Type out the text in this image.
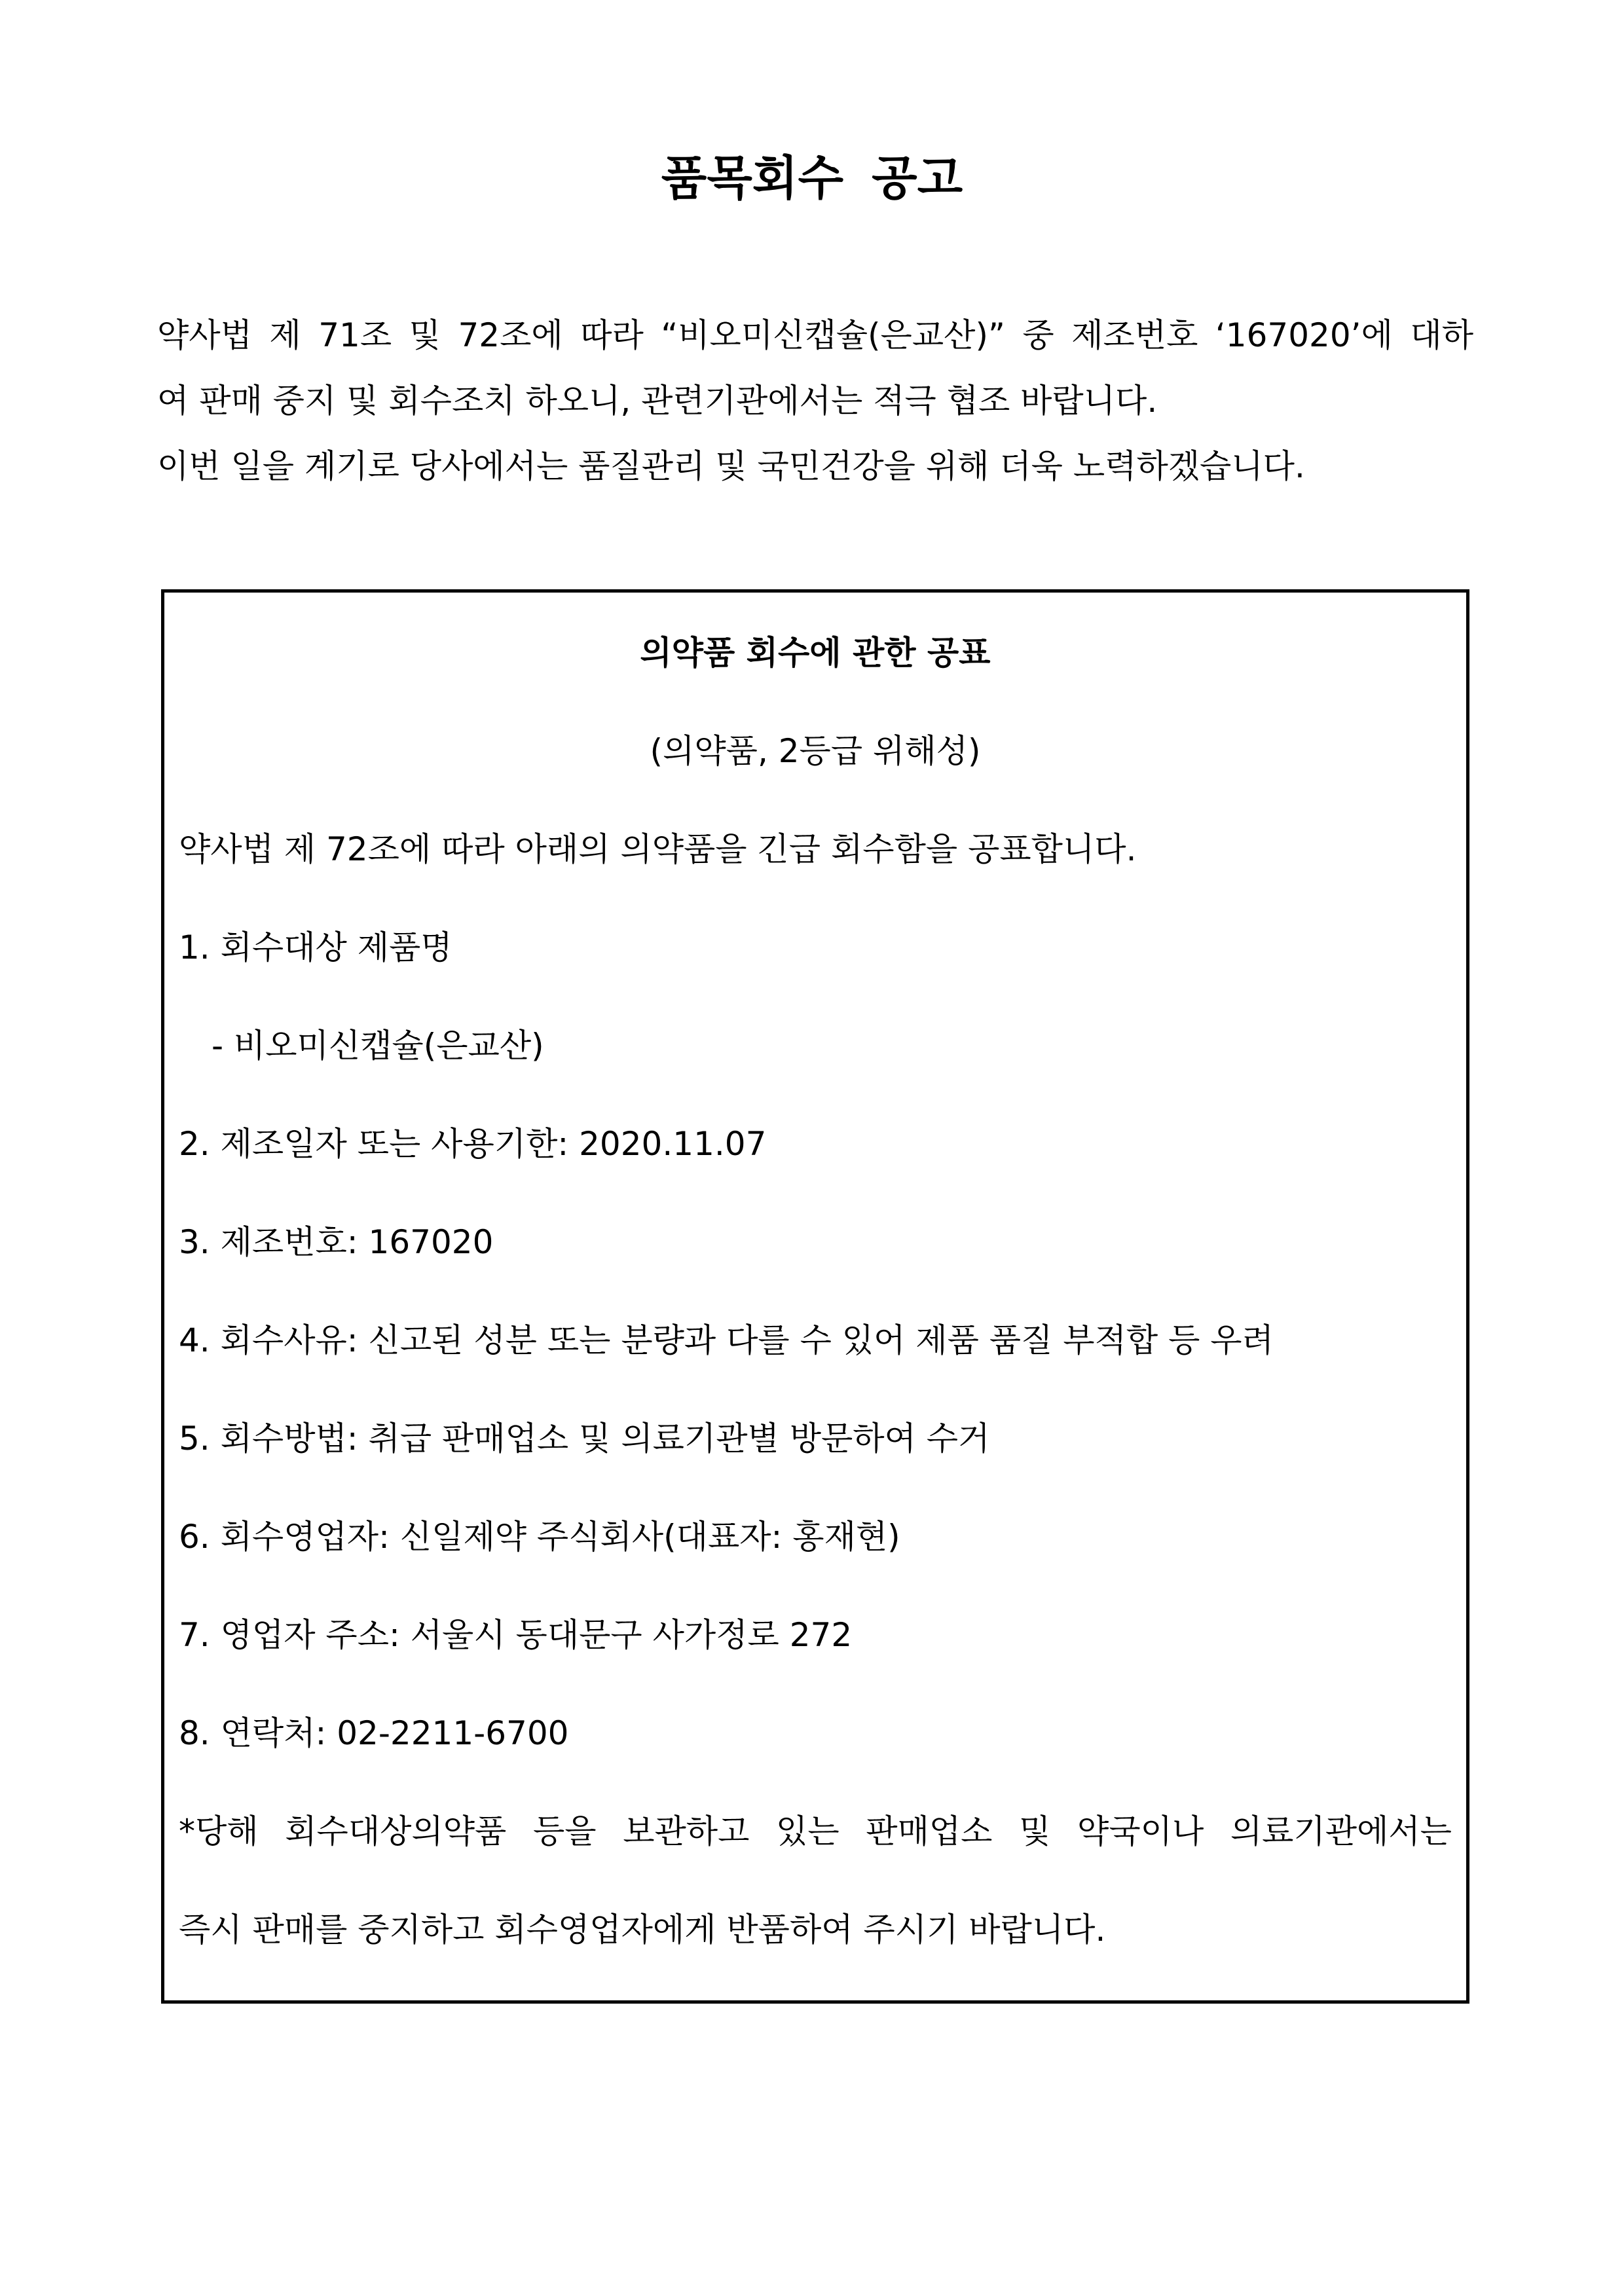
품목회수 공고
약사법 제 71조 및 72조에 따라 “비오미신캡슐(은교산)” 중 제조번호 ‘167020’에 대하
여 판매 중지 및 회수조치 하오니, 관련기관에서는 적극 협조 바랍니다.
이번 일을 계기로 당사에서는 품질관리 및 국민건강을 위해 더욱 노력하겠습니다.
의약품 회수에 관한 공표
(의약품, 2등급 위해성)
약사법 제 72조에 따라 아래의 의약품을 긴급 회수함을 공표합니다.
1. 회수대상 제품명
- 비오미신캡슐(은교산)
2. 제조일자 또는 사용기한: 2020.11.07
3. 제조번호: 167020
4. 회수사유: 신고된 성분 또는 분량과 다를 수 있어 제품 품질 부적합 등 우려
5. 회수방법: 취급 판매업소 및 의료기관별 방문하여 수거
6. 회수영업자: 신일제약 주식회사(대표자: 홍재현)
7. 영업자 주소: 서울시 동대문구 사가정로 272
8. 연락처: 02-2211-6700
*당해 회수대상의약품 등을 보관하고 있는 판매업소 및 약국이나 의료기관에서는
즉시 판매를 중지하고 회수영업자에게 반품하여 주시기 바랍니다.
